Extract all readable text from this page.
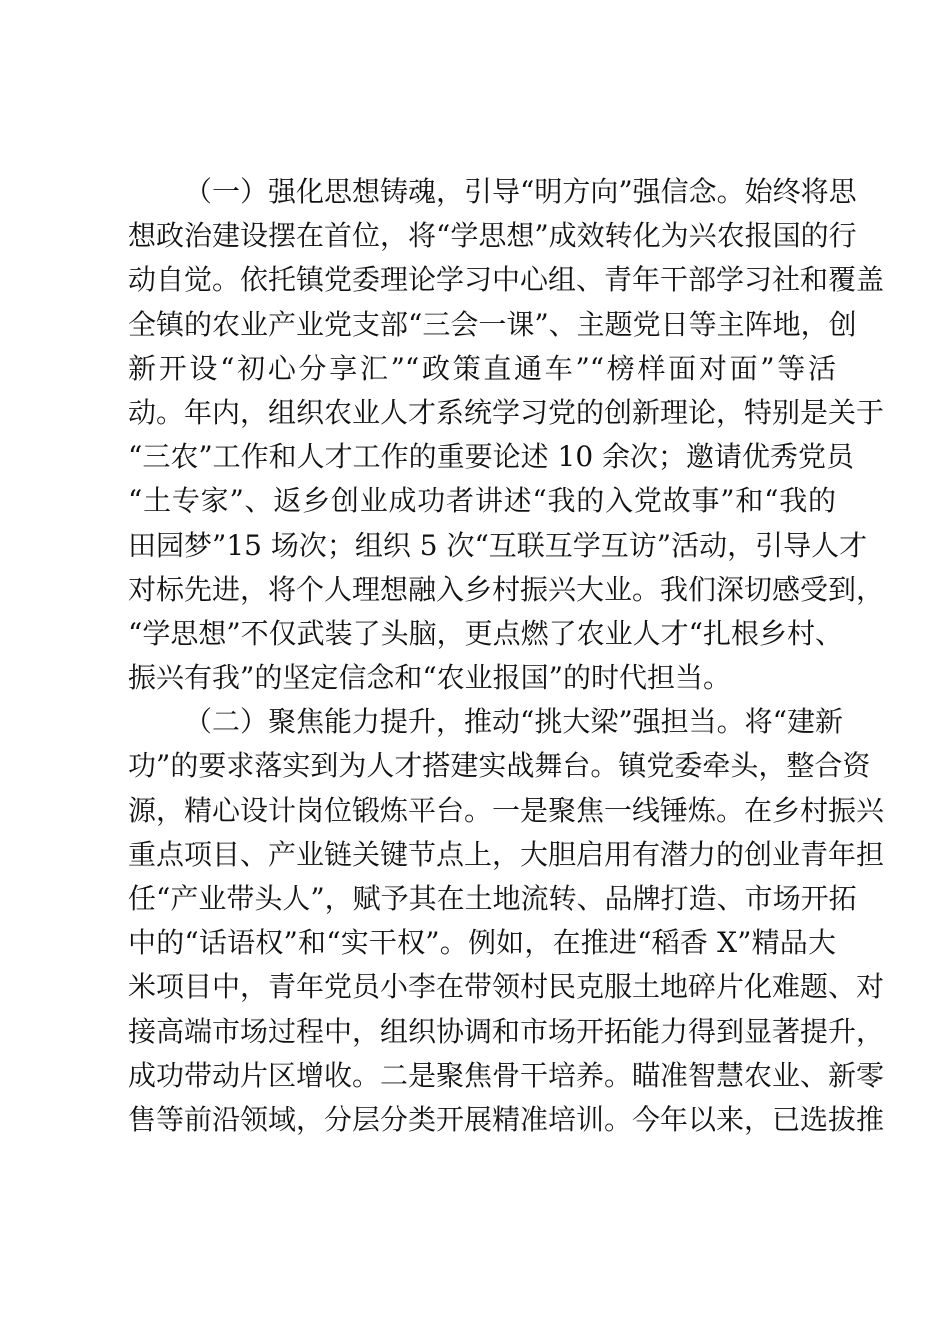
（一）强化思想铸魂，引导“明方向”强信念。始终将思
想政治建设摆在首位，将“学思想”成效转化为兴农报国的行
动自觉。依托镇党委理论学习中心组、青年干部学习社和覆盖
全镇的农业产业党支部“三会一课”、主题党日等主阵地，创
新开设“初心分享汇”“政策直通车”“榜样面对面”等活
动。年内，组织农业人才系统学习党的创新理论，特别是关于
“三农”工作和人才工作的重要论述 10 余次；邀请优秀党员
“土专家”、返乡创业成功者讲述“我的入党故事”和“我的
田园梦”15 场次；组织 5 次“互联互学互访”活动，引导人才
对标先进，将个人理想融入乡村振兴大业。我们深切感受到，
“学思想”不仅武装了头脑，更点燃了农业人才“扎根乡村、
振兴有我”的坚定信念和“农业报国”的时代担当。
（二）聚焦能力提升，推动“挑大梁”强担当。将“建新
功”的要求落实到为人才搭建实战舞台。镇党委牵头，整合资
源，精心设计岗位锻炼平台。一是聚焦一线锤炼。在乡村振兴
重点项目、产业链关键节点上，大胆启用有潜力的创业青年担
任“产业带头人”，赋予其在土地流转、品牌打造、市场开拓
中的“话语权”和“实干权”。例如，在推进“稻香 X”精品大
米项目中，青年党员小李在带领村民克服土地碎片化难题、对
接高端市场过程中，组织协调和市场开拓能力得到显著提升，
成功带动片区增收。二是聚焦骨干培养。瞄准智慧农业、新零
售等前沿领域，分层分类开展精准培训。今年以来，已选拔推
